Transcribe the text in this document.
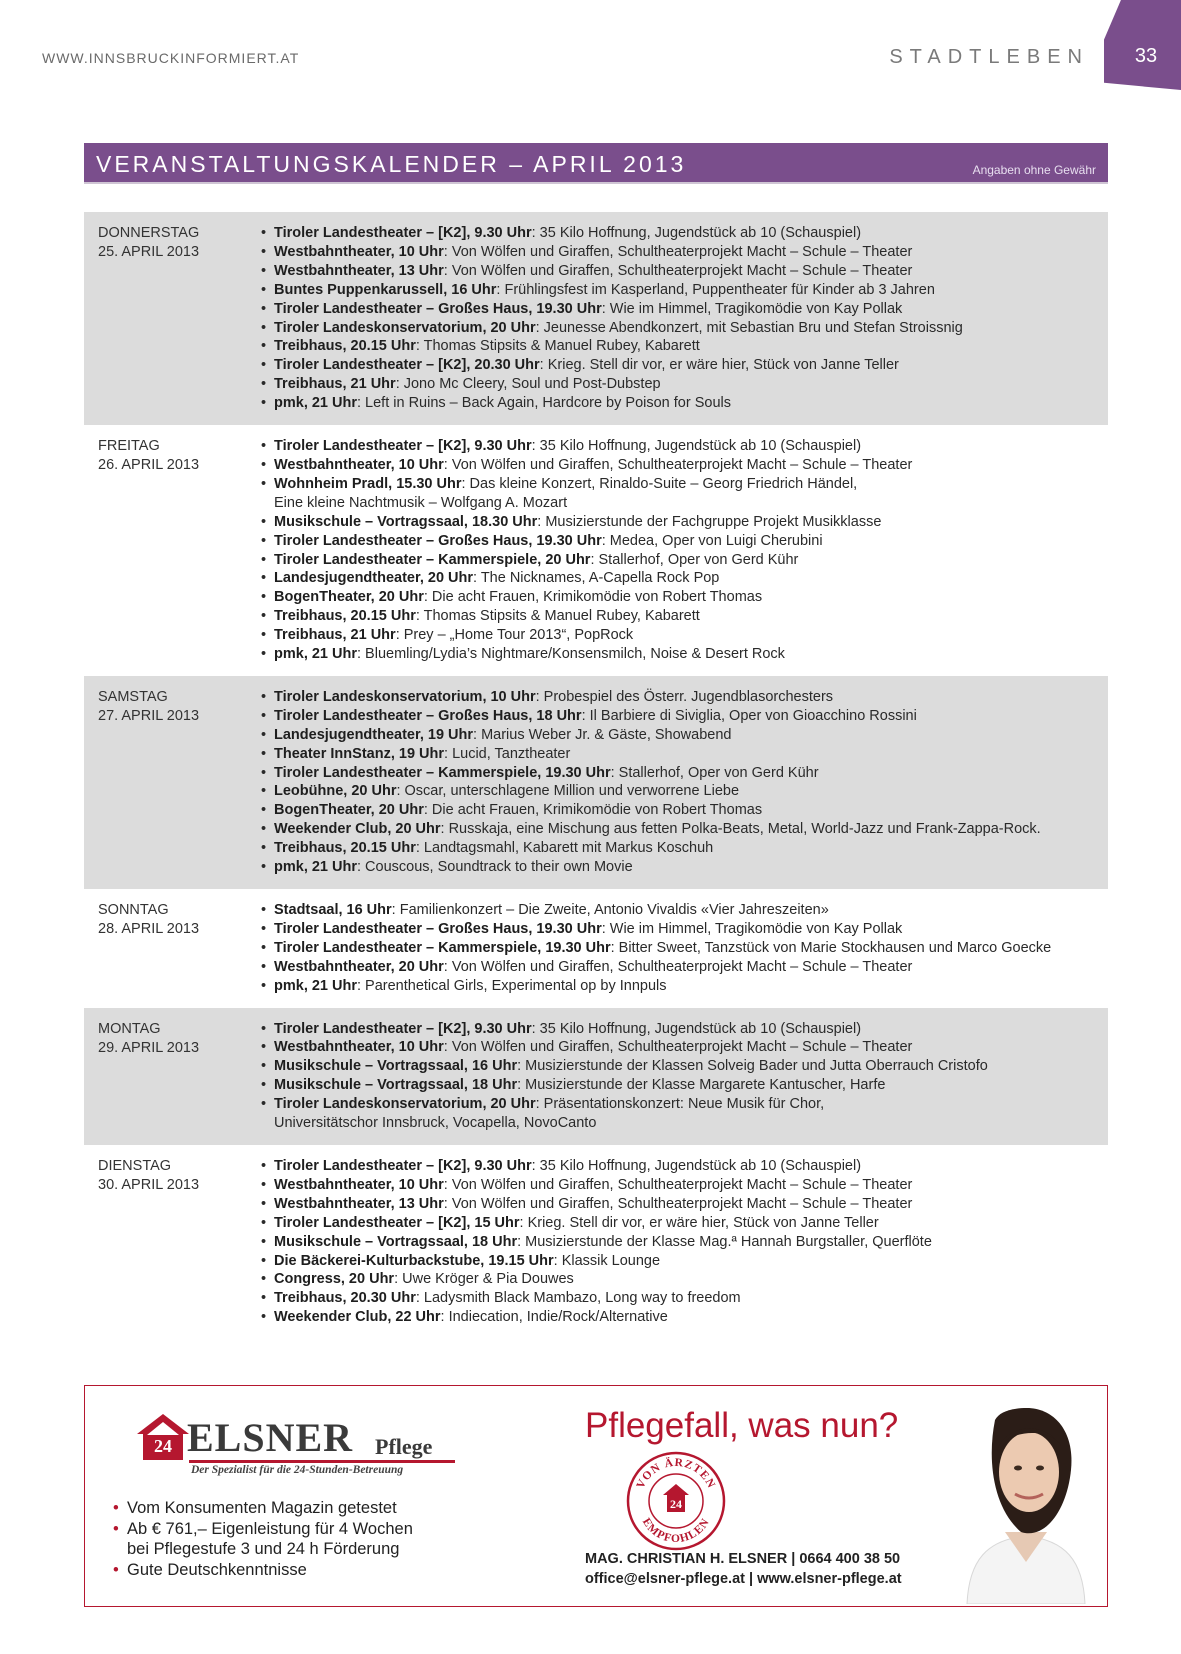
WWW.INNSBRUCKINFORMIERT.AT	STADTLEBEN	33
VERANSTALTUNGSKALENDER – APRIL 2013	Angaben ohne Gewähr
DONNERSTAG
25. APRIL 2013
• Tiroler Landestheater – [K2], 9.30 Uhr: 35 Kilo Hoffnung, Jugendstück ab 10 (Schauspiel)
• Westbahntheater, 10 Uhr: Von Wölfen und Giraffen, Schultheaterprojekt Macht – Schule – Theater
• Westbahntheater, 13 Uhr: Von Wölfen und Giraffen, Schultheaterprojekt Macht – Schule – Theater
• Buntes Puppenkarussell, 16 Uhr: Frühlingsfest im Kasperland, Puppentheater für Kinder ab 3 Jahren
• Tiroler Landestheater – Großes Haus, 19.30 Uhr: Wie im Himmel, Tragikomödie von Kay Pollak
• Tiroler Landeskonservatorium, 20 Uhr: Jeunesse Abendkonzert, mit Sebastian Bru und Stefan Stroissnig
• Treibhaus, 20.15 Uhr: Thomas Stipsits & Manuel Rubey, Kabarett
• Tiroler Landestheater – [K2], 20.30 Uhr: Krieg. Stell dir vor, er wäre hier, Stück von Janne Teller
• Treibhaus, 21 Uhr: Jono Mc Cleery, Soul und Post-Dubstep
• pmk, 21 Uhr: Left in Ruins – Back Again, Hardcore by Poison for Souls
FREITAG
26. APRIL 2013
• Tiroler Landestheater – [K2], 9.30 Uhr: 35 Kilo Hoffnung, Jugendstück ab 10 (Schauspiel)
• Westbahntheater, 10 Uhr: Von Wölfen und Giraffen, Schultheaterprojekt Macht – Schule – Theater
• Wohnheim Pradl, 15.30 Uhr: Das kleine Konzert, Rinaldo-Suite – Georg Friedrich Händel,
Eine kleine Nachtmusik – Wolfgang A. Mozart
• Musikschule – Vortragssaal, 18.30 Uhr: Musizierstunde der Fachgruppe Projekt Musikklasse
• Tiroler Landestheater – Großes Haus, 19.30 Uhr: Medea, Oper von Luigi Cherubini
• Tiroler Landestheater – Kammerspiele, 20 Uhr: Stallerhof, Oper von Gerd Kühr
• Landesjugendtheater, 20 Uhr: The Nicknames, A-Capella Rock Pop
• BogenTheater, 20 Uhr: Die acht Frauen, Krimikomödie von Robert Thomas
• Treibhaus, 20.15 Uhr: Thomas Stipsits & Manuel Rubey, Kabarett
• Treibhaus, 21 Uhr: Prey – „Home Tour 2013“, PopRock
• pmk, 21 Uhr: Bluemling/Lydia’s Nightmare/Konsensmilch, Noise & Desert Rock
SAMSTAG
27. APRIL 2013
• Tiroler Landeskonservatorium, 10 Uhr: Probespiel des Österr. Jugendblasorchesters
• Tiroler Landestheater – Großes Haus, 18 Uhr: Il Barbiere di Siviglia, Oper von Gioacchino Rossini
• Landesjugendtheater, 19 Uhr: Marius Weber Jr. & Gäste, Showabend
• Theater InnStanz, 19 Uhr: Lucid, Tanztheater
• Tiroler Landestheater – Kammerspiele, 19.30 Uhr: Stallerhof, Oper von Gerd Kühr
• Leobühne, 20 Uhr: Oscar, unterschlagene Million und verworrene Liebe
• BogenTheater, 20 Uhr: Die acht Frauen, Krimikomödie von Robert Thomas
• Weekender Club, 20 Uhr: Russkaja, eine Mischung aus fetten Polka-Beats, Metal, World-Jazz und Frank-Zappa-Rock.
• Treibhaus, 20.15 Uhr: Landtagsmahl, Kabarett mit Markus Koschuh
• pmk, 21 Uhr: Couscous, Soundtrack to their own Movie
SONNTAG
28. APRIL 2013
• Stadtsaal, 16 Uhr: Familienkonzert – Die Zweite, Antonio Vivaldis «Vier Jahreszeiten»
• Tiroler Landestheater – Großes Haus, 19.30 Uhr: Wie im Himmel, Tragikomödie von Kay Pollak
• Tiroler Landestheater – Kammerspiele, 19.30 Uhr: Bitter Sweet, Tanzstück von Marie Stockhausen und Marco Goecke
• Westbahntheater, 20 Uhr: Von Wölfen und Giraffen, Schultheaterprojekt Macht – Schule – Theater
• pmk, 21 Uhr: Parenthetical Girls, Experimental op by Innpuls
MONTAG
29. APRIL 2013
• Tiroler Landestheater – [K2], 9.30 Uhr: 35 Kilo Hoffnung, Jugendstück ab 10 (Schauspiel)
• Westbahntheater, 10 Uhr: Von Wölfen und Giraffen, Schultheaterprojekt Macht – Schule – Theater
• Musikschule – Vortragssaal, 16 Uhr: Musizierstunde der Klassen Solveig Bader und Jutta Oberrauch Cristofo
• Musikschule – Vortragssaal, 18 Uhr: Musizierstunde der Klasse Margarete Kantuscher, Harfe
• Tiroler Landeskonservatorium, 20 Uhr: Präsentationskonzert: Neue Musik für Chor,
Universitätschor Innsbruck, Vocapella, NovoCanto
DIENSTAG
30. APRIL 2013
• Tiroler Landestheater – [K2], 9.30 Uhr: 35 Kilo Hoffnung, Jugendstück ab 10 (Schauspiel)
• Westbahntheater, 10 Uhr: Von Wölfen und Giraffen, Schultheaterprojekt Macht – Schule – Theater
• Westbahntheater, 13 Uhr: Von Wölfen und Giraffen, Schultheaterprojekt Macht – Schule – Theater
• Tiroler Landestheater – [K2], 15 Uhr: Krieg. Stell dir vor, er wäre hier, Stück von Janne Teller
• Musikschule – Vortragssaal, 18 Uhr: Musizierstunde der Klasse Mag.ª Hannah Burgstaller, Querflöte
• Die Bäckerei-Kulturbackstube, 19.15 Uhr: Klassik Lounge
• Congress, 20 Uhr: Uwe Kröger & Pia Douwes
• Treibhaus, 20.30 Uhr: Ladysmith Black Mambazo, Long way to freedom
• Weekender Club, 22 Uhr: Indiecation, Indie/Rock/Alternative
24 ELSNER Pflege
Der Spezialist für die 24-Stunden-Betreuung
• Vom Konsumenten Magazin getestet
• Ab € 761,– Eigenleistung für 4 Wochen
bei Pflegestufe 3 und 24 h Förderung
• Gute Deutschkenntnisse
Pflegefall, was nun?
VON ÄRZTEN
EMPFOHLEN
24
MAG. CHRISTIAN H. ELSNER | 0664 400 38 50
office@elsner-pflege.at | www.elsner-pflege.at
